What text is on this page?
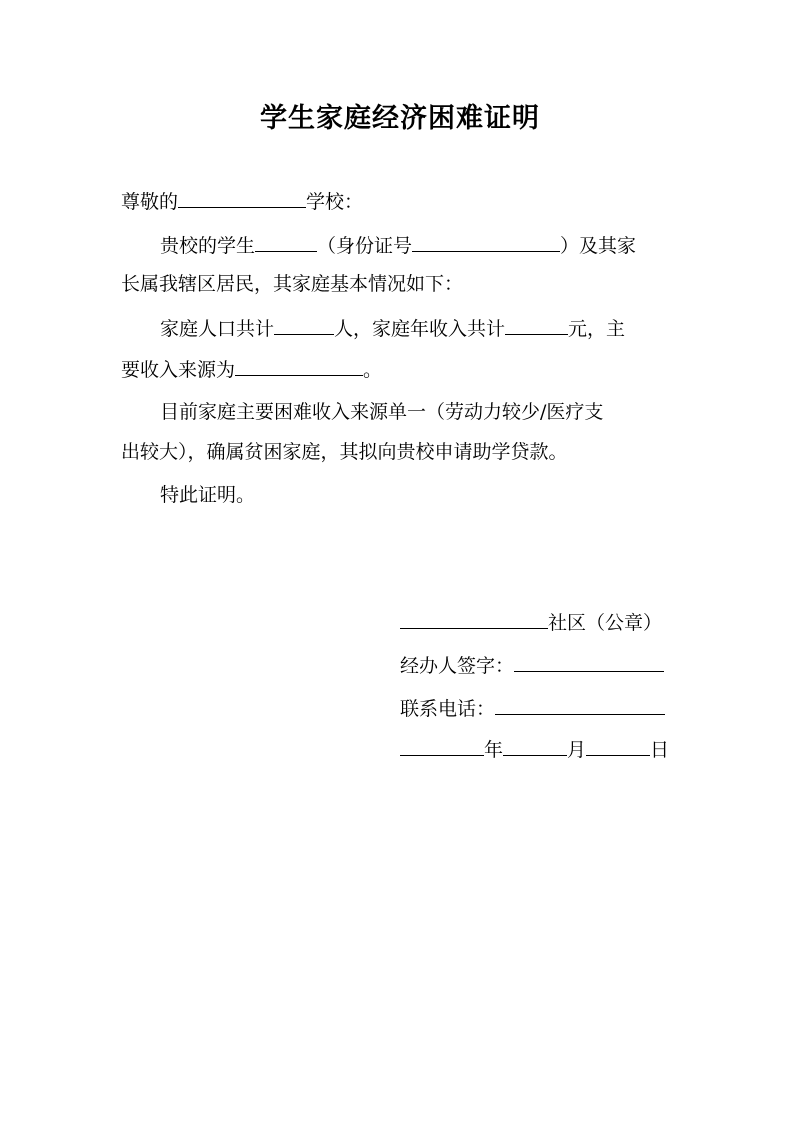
学生家庭经济困难证明
尊敬的	学校：
贵校的学生	（身份证号	）及其家
长属我辖区居民，其家庭基本情况如下：
家庭人口共计	人，家庭年收入共计	元，主
要收入来源为	。
目前家庭主要困难收入来源单一（劳动力较少/医疗支
出较大），确属贫困家庭，其拟向贵校申请助学贷款。
特此证明。
社区（公章）
经办人签字：
联系电话：
年	月	日
